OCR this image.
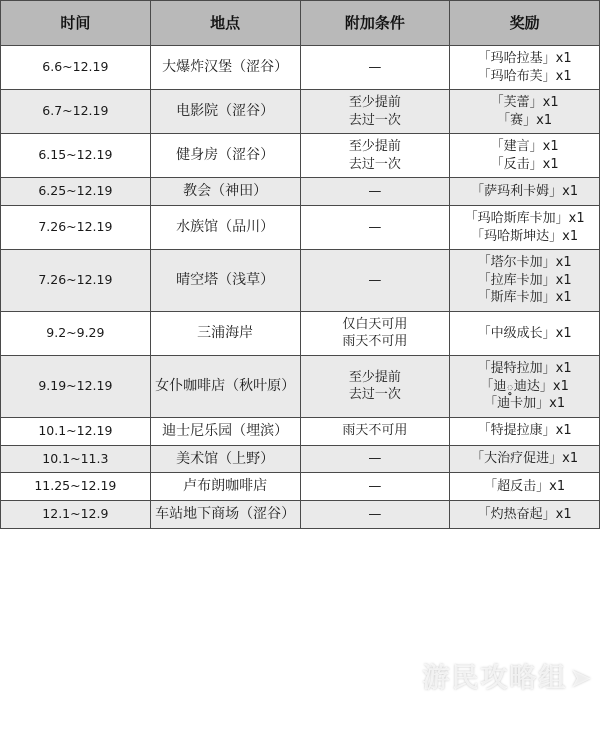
时间	地点	附加条件	奖励

6.6~12.19	大爆炸汉堡（涩谷）	—	「玛哈拉基」x1
「玛哈布芙」x1

6.7~12.19	电影院（涩谷）	至少提前
去过一次	「芙蕾」x1
「赛」x1

6.15~12.19	健身房（涩谷）	至少提前
去过一次	「建言」x1
「反击」x1

6.25~12.19	教会（神田）	—	「萨玛利卡姆」x1

7.26~12.19	水族馆（品川）	—	「玛哈斯库卡加」x1
「玛哈斯坤达」x1

7.26~12.19	晴空塔（浅草）	—	「塔尔卡加」x1
「拉库卡加」x1
「斯库卡加」x1

9.2~9.29	三浦海岸	仅白天可用
雨天不可用	「中级成长」x1

9.19~12.19	女仆咖啡店（秋叶原）	至少提前
去过一次	「提特拉加」x1
「迪఼迪达」x1
「迪卡加」x1

10.1~12.19	迪士尼乐园（埋滨）	雨天不可用	「特提拉康」x1

10.1~11.3	美术馆（上野）	—	「大治疗促进」x1

11.25~12.19	卢布朗咖啡店	—	「超反击」x1

12.1~12.9	车站地下商场（涩谷）	—	「灼热奋起」x1
游民攻略组➤
